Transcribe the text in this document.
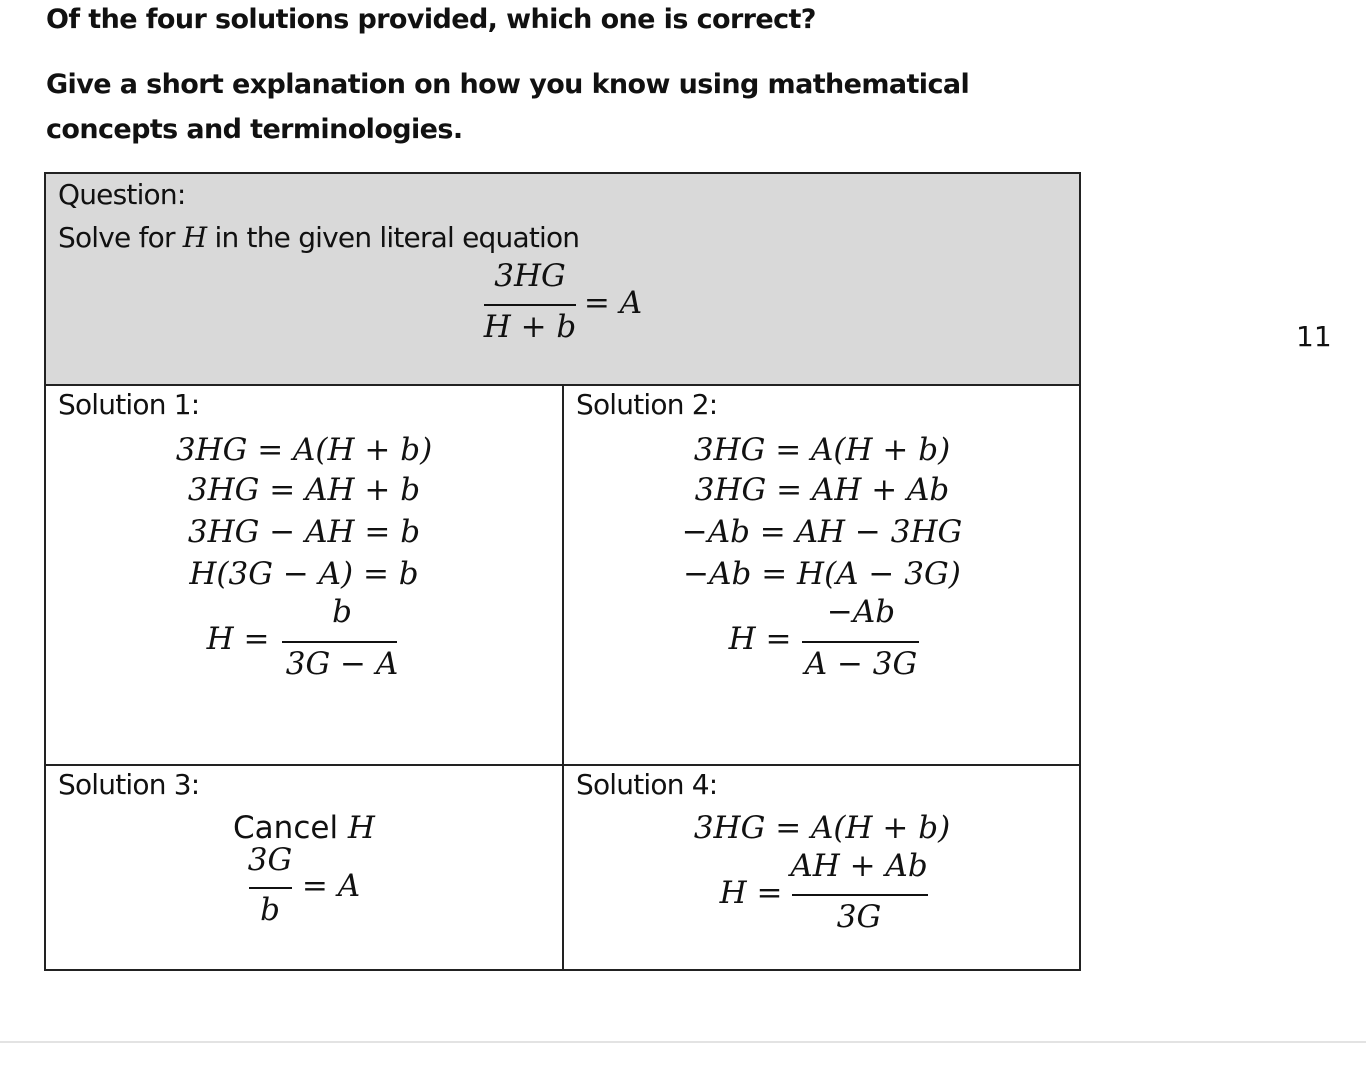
Of the four solutions provided, which one is correct?
Give a short explanation on how you know using mathematical
concepts and terminologies.
11
Question:
Solve for H in the given literal equation
3HG
H + b
= A
Solution 1:
3HG = A(H + b)
3HG = AH + b
3HG − AH = b
H(3G − A) = b
H =
b
3G − A
Solution 2:
3HG = A(H + b)
3HG = AH + Ab
−Ab = AH − 3HG
−Ab = H(A − 3G)
H =
−Ab
A − 3G
Solution 3:
Cancel H
3G
b
= A
Solution 4:
3HG = A(H + b)
H =
AH + Ab
3G
